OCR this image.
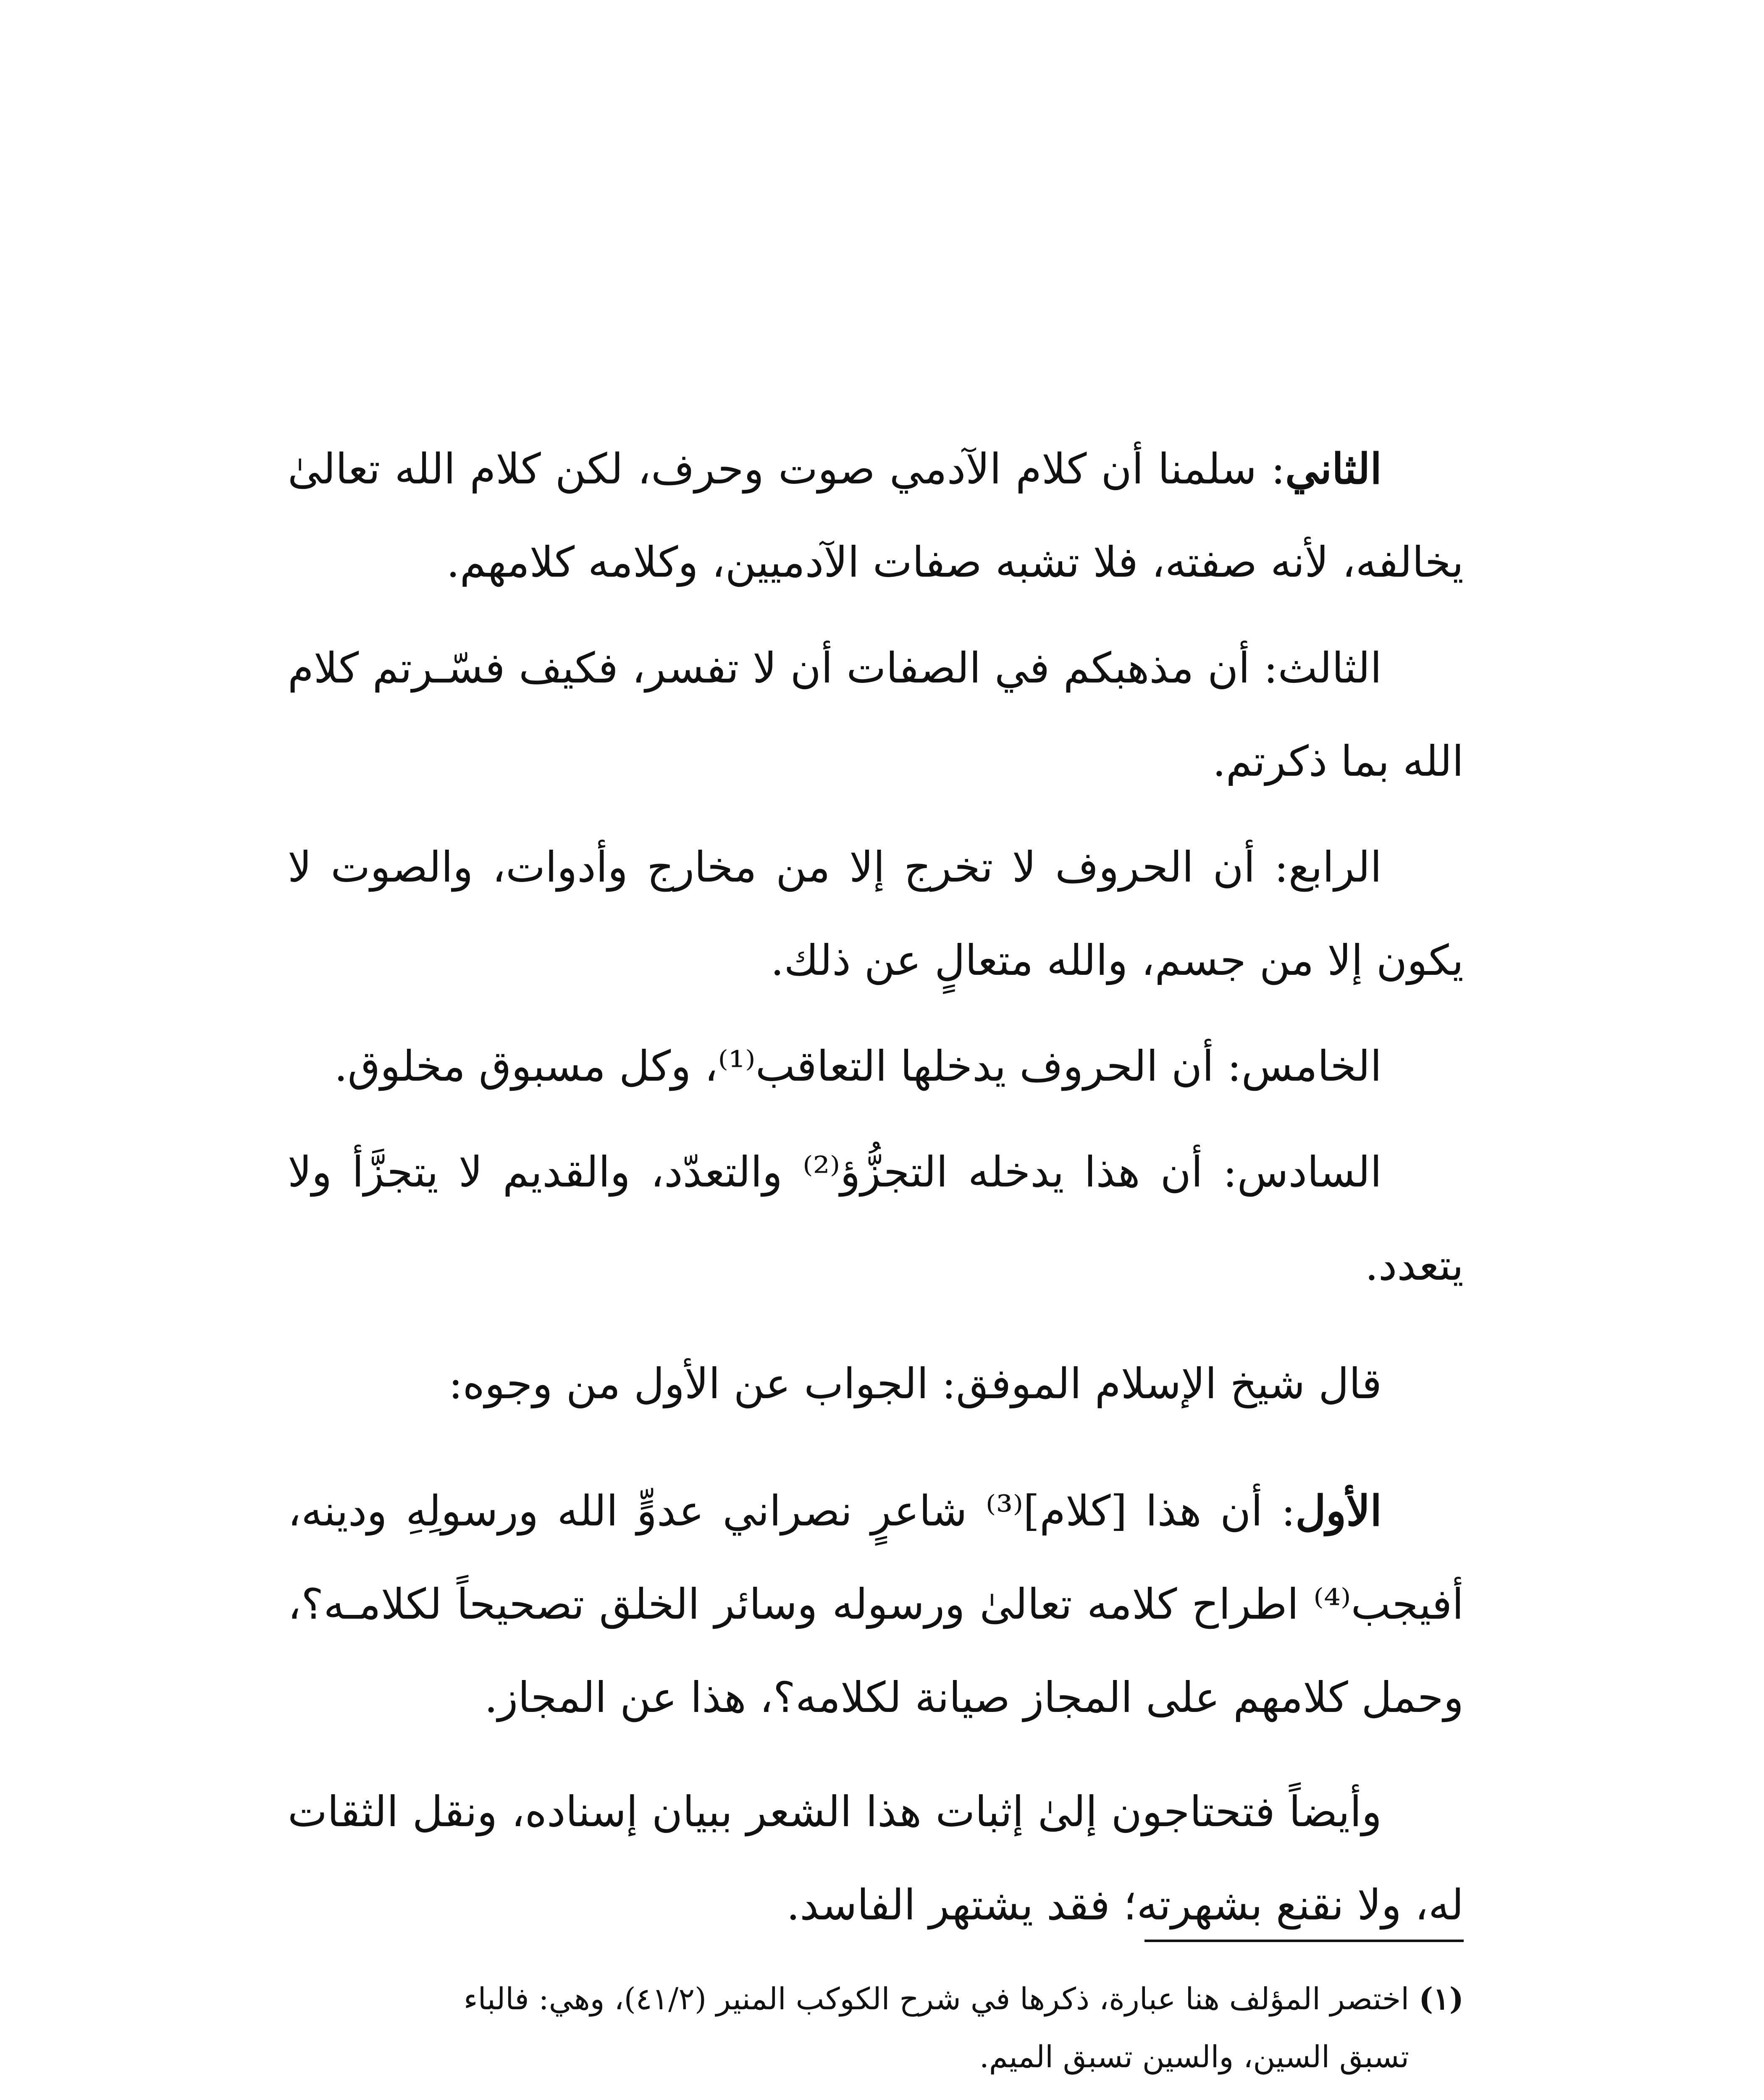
الثاني: سلمنا أن كلام الآدمي صوت وحرف، لكن كلام الله تعالىٰ يخالفه، لأنه صفته، فلا تشبه صفات الآدميين، وكلامه كلامهم.

الثالث: أن مذهبكم في الصفات أن لا تفسر، فكيف فسّـرتم كلام الله بما ذكرتم.

الرابع: أن الحروف لا تخرج إلا من مخارج وأدوات، والصوت لا يكون إلا من جسم، والله متعالٍ عن ذلك.

الخامس: أن الحروف يدخلها التعاقب⁽¹⁾، وكل مسبوق مخلوق.

السادس: أن هذا يدخله التجزُّؤ⁽²⁾ والتعدّد، والقديم لا يتجزَّأ ولا يتعدد.

قال شيخ الإسلام الموفق: الجواب عن الأول من وجوه:

الأول: أن هذا [كلام]⁽³⁾ شاعرٍ نصراني عدوٍّ الله ورسولِهِ ودينه، أفيجب⁽⁴⁾ اطراح كلامه تعالىٰ ورسوله وسائر الخلق تصحيحاً لكلامـه؟، وحمل كلامهم على المجاز صيانة لكلامه؟، هذا عن المجاز.

وأيضاً فتحتاجون إلىٰ إثبات هذا الشعر ببيان إسناده، ونقل الثقات له، ولا نقنع بشهرته؛ فقد يشتهر الفاسد.

(١) اختصر المؤلف هنا عبارة، ذكرها في شرح الكوكب المنير (٤١/٢)، وهي: فالباء
تسبق السين، والسين تسبق الميم.
